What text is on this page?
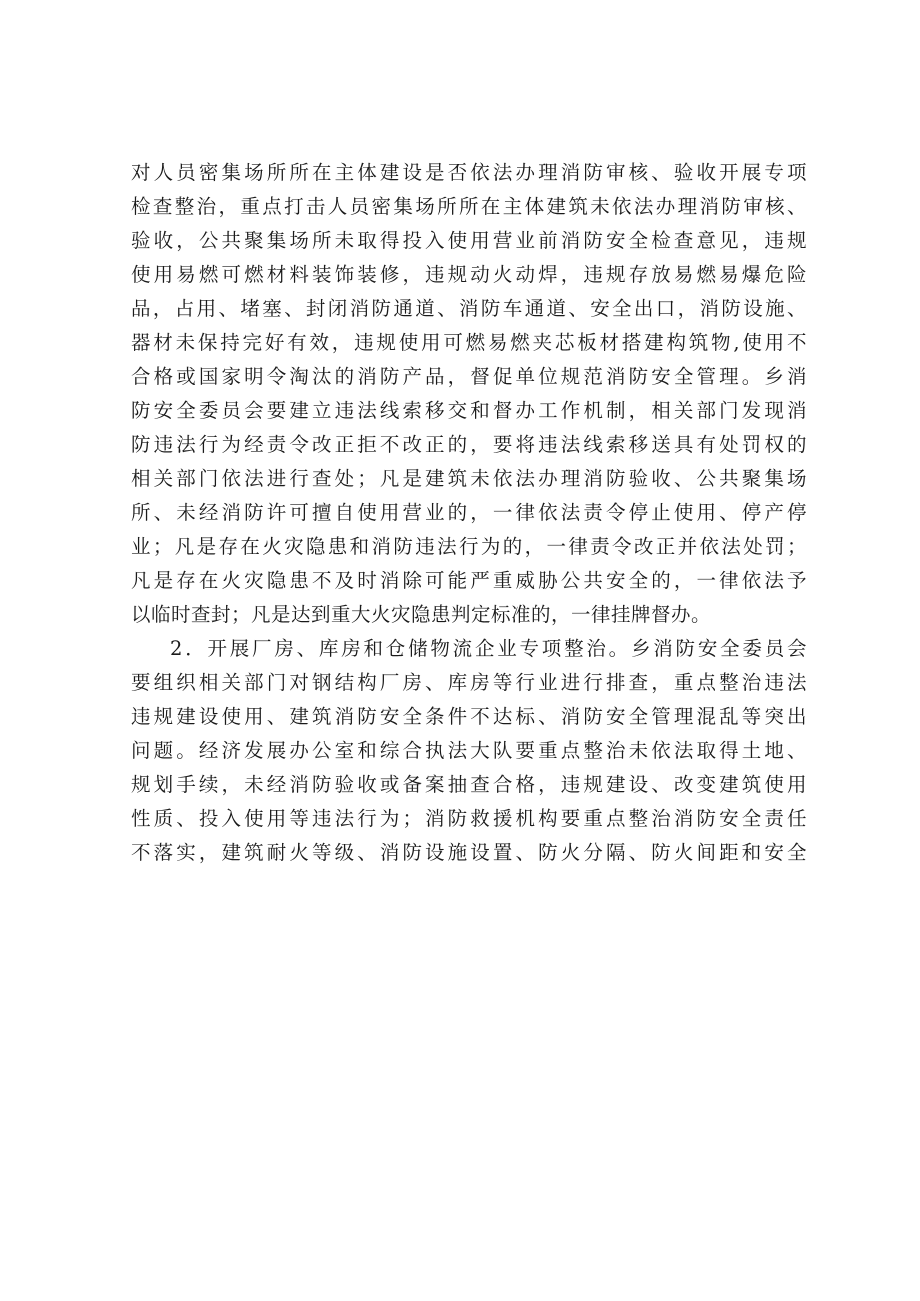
对人员密集场所所在主体建设是否依法办理消防审核、验收开展专项
检查整治，重点打击人员密集场所所在主体建筑未依法办理消防审核、
验收，公共聚集场所未取得投入使用营业前消防安全检查意见，违规
使用易燃可燃材料装饰装修，违规动火动焊，违规存放易燃易爆危险
品，占用、堵塞、封闭消防通道、消防车通道、安全出口，消防设施、
器材未保持完好有效，违规使用可燃易燃夹芯板材搭建构筑物,使用不
合格或国家明令淘汰的消防产品，督促单位规范消防安全管理。乡消
防安全委员会要建立违法线索移交和督办工作机制，相关部门发现消
防违法行为经责令改正拒不改正的，要将违法线索移送具有处罚权的
相关部门依法进行查处；凡是建筑未依法办理消防验收、公共聚集场
所、未经消防许可擅自使用营业的，一律依法责令停止使用、停产停
业；凡是存在火灾隐患和消防违法行为的，一律责令改正并依法处罚；
凡是存在火灾隐患不及时消除可能严重威胁公共安全的，一律依法予
以临时查封；凡是达到重大火灾隐患判定标准的，一律挂牌督办。
2．开展厂房、库房和仓储物流企业专项整治。乡消防安全委员会
要组织相关部门对钢结构厂房、库房等行业进行排查，重点整治违法
违规建设使用、建筑消防安全条件不达标、消防安全管理混乱等突出
问题。经济发展办公室和综合执法大队要重点整治未依法取得土地、
规划手续，未经消防验收或备案抽查合格，违规建设、改变建筑使用
性质、投入使用等违法行为；消防救援机构要重点整治消防安全责任
不落实，建筑耐火等级、消防设施设置、防火分隔、防火间距和安全
